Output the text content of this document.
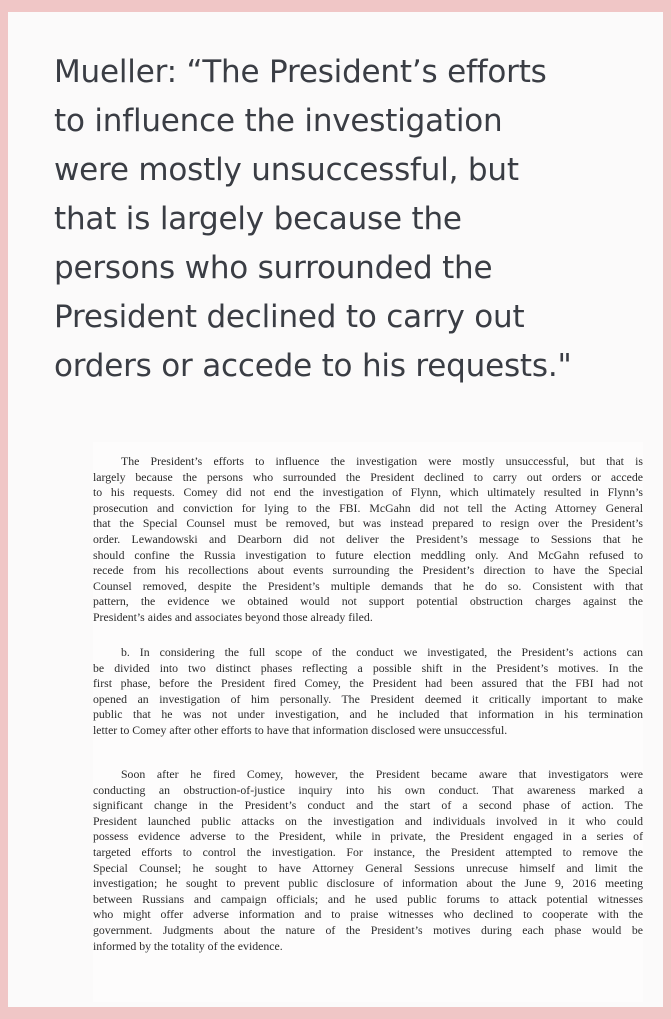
Mueller: “The President’s efforts
to influence the investigation
were mostly unsuccessful, but
that is largely because the
persons who surrounded the
President declined to carry out
orders or accede to his requests."

The President’s efforts to influence the investigation were mostly unsuccessful, but that is
largely because the persons who surrounded the President declined to carry out orders or accede
to his requests. Comey did not end the investigation of Flynn, which ultimately resulted in Flynn’s
prosecution and conviction for lying to the FBI. McGahn did not tell the Acting Attorney General
that the Special Counsel must be removed, but was instead prepared to resign over the President’s
order. Lewandowski and Dearborn did not deliver the President’s message to Sessions that he
should confine the Russia investigation to future election meddling only. And McGahn refused to
recede from his recollections about events surrounding the President’s direction to have the Special
Counsel removed, despite the President’s multiple demands that he do so. Consistent with that
pattern, the evidence we obtained would not support potential obstruction charges against the
President’s aides and associates beyond those already filed.

b. In considering the full scope of the conduct we investigated, the President’s actions can
be divided into two distinct phases reflecting a possible shift in the President’s motives. In the
first phase, before the President fired Comey, the President had been assured that the FBI had not
opened an investigation of him personally. The President deemed it critically important to make
public that he was not under investigation, and he included that information in his termination
letter to Comey after other efforts to have that information disclosed were unsuccessful.

Soon after he fired Comey, however, the President became aware that investigators were
conducting an obstruction-of-justice inquiry into his own conduct. That awareness marked a
significant change in the President’s conduct and the start of a second phase of action. The
President launched public attacks on the investigation and individuals involved in it who could
possess evidence adverse to the President, while in private, the President engaged in a series of
targeted efforts to control the investigation. For instance, the President attempted to remove the
Special Counsel; he sought to have Attorney General Sessions unrecuse himself and limit the
investigation; he sought to prevent public disclosure of information about the June 9, 2016 meeting
between Russians and campaign officials; and he used public forums to attack potential witnesses
who might offer adverse information and to praise witnesses who declined to cooperate with the
government. Judgments about the nature of the President’s motives during each phase would be
informed by the totality of the evidence.
